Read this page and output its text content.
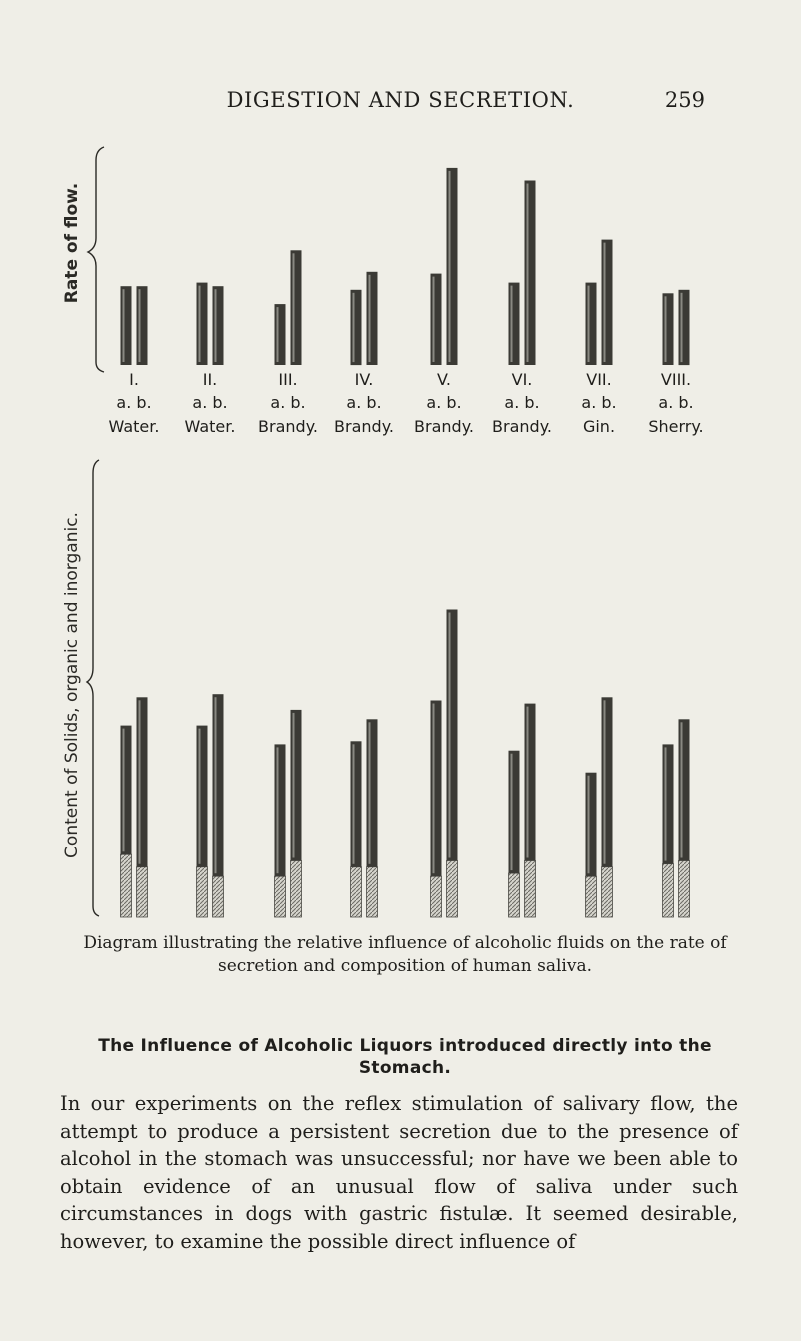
DIGESTION AND SECRETION.	259
Rate of flow.
I.
a. b.
Water.
II.
a. b.
Water.
III.
a. b.
Brandy.
IV.
a. b.
Brandy.
V.
a. b.
Brandy.
VI.
a. b.
Brandy.
VII.
a. b.
Gin.
VIII.
a. b.
Sherry.
Content of Solids, organic and inorganic.
Diagram illustrating the relative influence of alcoholic fluids on the rate of secretion and composition of human saliva.
The Influence of Alcoholic Liquors introduced directly into the Stomach.
In our experiments on the reflex stimulation of salivary flow, the attempt to produce a persistent secretion due to the presence of alcohol in the stomach was unsuccessful; nor have we been able to obtain evidence of an unusual flow of saliva under such circumstances in dogs with gastric fistulæ. It seemed desirable, however, to examine the possible direct influence of
